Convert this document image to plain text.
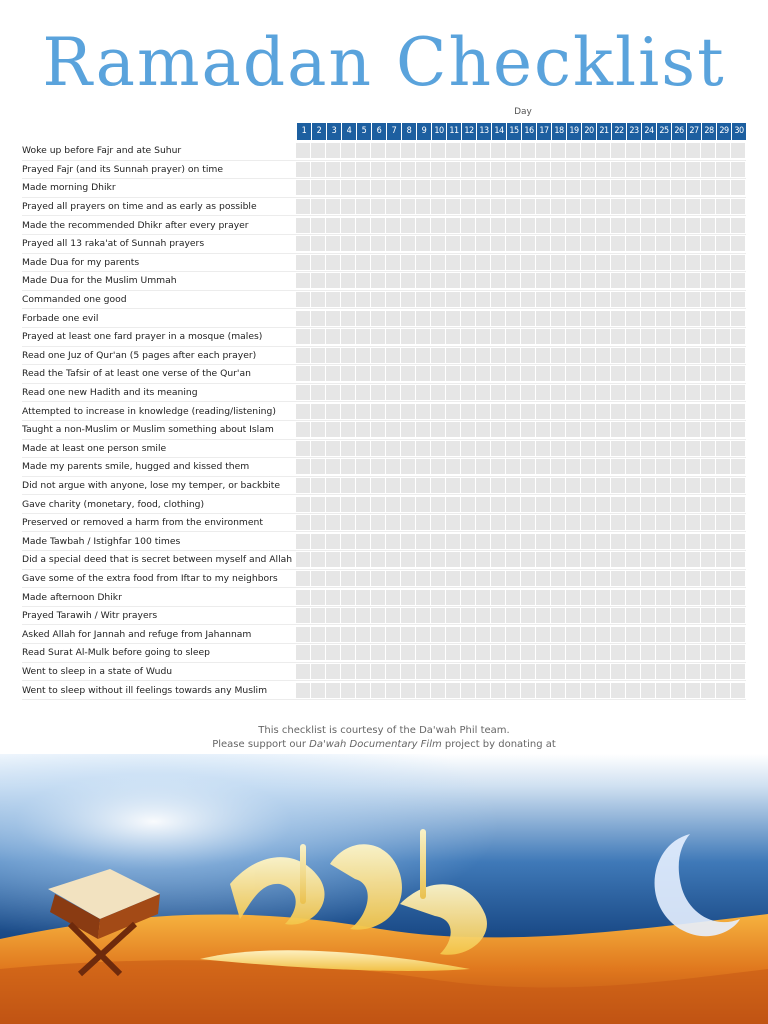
Ramadan Checklist
Day
1	2	3	4	5	6	7	8	9 10 11 12 13 14 15 16 17 18 19 20 21 22 23 24 25 26 27 28 29 30
Woke up before Fajr and ate Suhur
Prayed Fajr (and its Sunnah prayer) on time
Made morning Dhikr
Prayed all prayers on time and as early as possible
Made the recommended Dhikr after every prayer
Prayed all 13 raka'at of Sunnah prayers
Made Dua for my parents
Made Dua for the Muslim Ummah
Commanded one good
Forbade one evil
Prayed at least one fard prayer in a mosque (males)
Read one Juz of Qur'an (5 pages after each prayer)
Read the Tafsir of at least one verse of the Qur'an
Read one new Hadith and its meaning
Attempted to increase in knowledge (reading/listening)
Taught a non-Muslim or Muslim something about Islam
Made at least one person smile
Made my parents smile, hugged and kissed them
Did not argue with anyone, lose my temper, or backbite
Gave charity (monetary, food, clothing)
Preserved or removed a harm from the environment
Made Tawbah / Istighfar 100 times
Did a special deed that is secret between myself and Allah
Gave some of the extra food from Iftar to my neighbors
Made afternoon Dhikr
Prayed Tarawih / Witr prayers
Asked Allah for Jannah and refuge from Jahannam
Read Surat Al-Mulk before going to sleep
Went to sleep in a state of Wudu
Went to sleep without ill feelings towards any Muslim
This checklist is courtesy of the Da'wah Phil team.
Please support our Da'wah Documentary Film project by donating at
